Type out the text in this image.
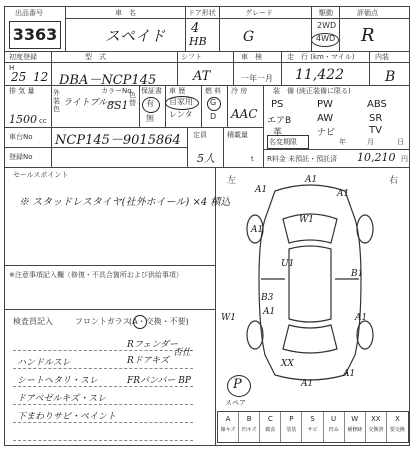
出品番号
3363
車　名
スペイド
ドア形状
4
HB
グレード
G
駆動
2WD
4WD
評価点
R
初度登録	型　式	シフト	車　検	走　行 (km・マイル)	内装
H
25 12 DBA－NCP145	AT	一年一月 11,422	B
排 気 量
1500 cc
外装色
ライトブルー
カラーNo
8S1
色替
保証書
有
無
車 歴
自家用
レンタ
燃 料
G
D
冷 房
AAC
装　備 (純正装備に限る)
PS	PW	ABS
エアB	AW	SR
革	ナビ	TV
車台No NCP145－9015864 定員
5人
積載量
t
名変期限	年	月	日
登録No	R料金 未預託・預託済 10,210 円
セールスポイント
※ スタッドレスタイヤ(社外ホイール) ×4 積込
※注意事項記入欄（修復・不具合箇所および供給事項）
検査員記入	フロントガラス
(A・交換・不要)
Rフェンダー
ハンドルスレ	Rドアキズ
否仕
シートへタリ・スレ	FRバンパー BP
ドアベゼルキズ・スレ
下まわりサビ・ペイント
左	右
A1
A1
A1
W1
A1
U1
B3
A1
B1
W1	A1
XX
A1
A1
P
スペア
A
線キズ
B
凹キズ
C
腐食
P
塗装
S
サビ
U
凹み
W
補修跡
XX
交換済
X
要交換
